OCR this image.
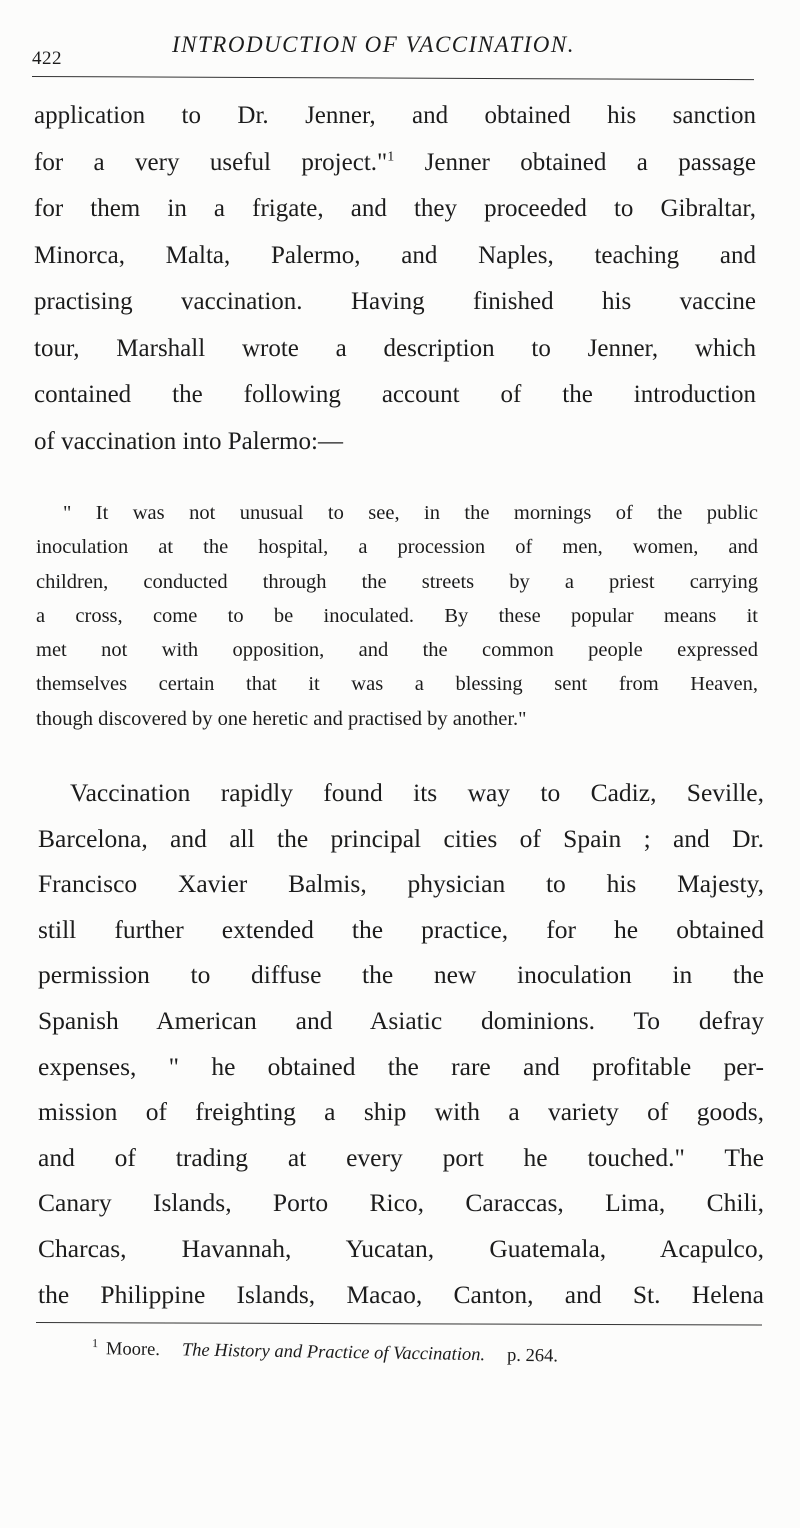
422
INTRODUCTION OF VACCINATION.

application to Dr. Jenner, and obtained his sanction
for a very useful project."$^1$ Jenner obtained a passage
for them in a frigate, and they proceeded to Gibraltar,
Minorca, Malta, Palermo, and Naples, teaching and
practising vaccination. Having finished his vaccine
tour, Marshall wrote a description to Jenner, which
contained the following account of the introduction
of vaccination into Palermo:—

" It was not unusual to see, in the mornings of the public
inoculation at the hospital, a procession of men, women, and
children, conducted through the streets by a priest carrying
a cross, come to be inoculated. By these popular means it
met not with opposition, and the common people expressed
themselves certain that it was a blessing sent from Heaven,
though discovered by one heretic and practised by another."

Vaccination rapidly found its way to Cadiz, Seville,
Barcelona, and all the principal cities of Spain ; and Dr.
Francisco Xavier Balmis, physician to his Majesty,
still further extended the practice, for he obtained
permission to diffuse the new inoculation in the
Spanish American and Asiatic dominions. To defray
expenses, " he obtained the rare and profitable per-
mission of freighting a ship with a variety of goods,
and of trading at every port he touched." The
Canary Islands, Porto Rico, Caraccas, Lima, Chili,
Charcas, Havannah, Yucatan, Guatemala, Acapulco,
the Philippine Islands, Macao, Canton, and St. Helena

$^1$ Moore. The History and Practice of Vaccination. p. 264.
